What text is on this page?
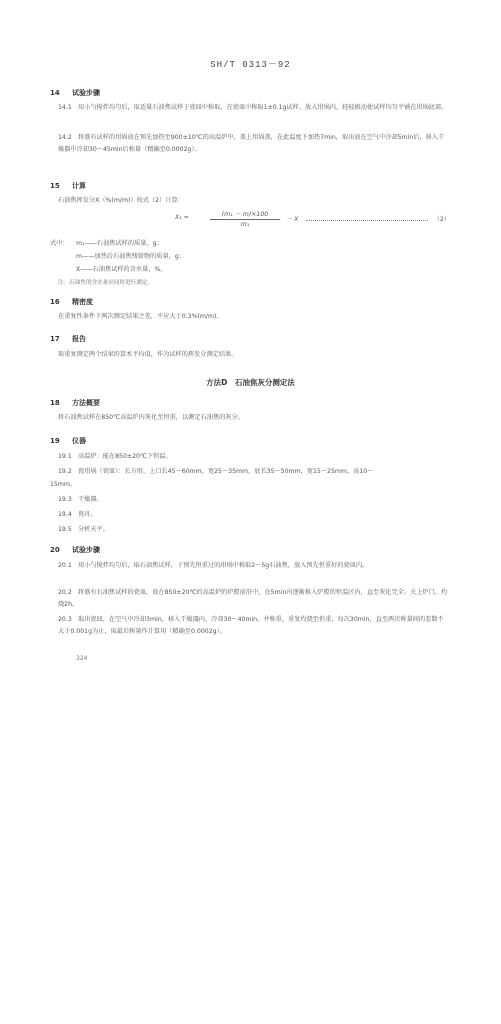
SH/T 0313－92
14 试验步骤
14.1　用小勺搅拌均匀后，取适量石油焦试样于瓷皿中称取，在瓷皿中称取1±0.1g试样，放入坩埚内，轻轻振动使试样均匀平铺在坩埚底部。
14.2　将盛有试样的坩埚放在预先加热至900±10℃的高温炉中，盖上坩埚盖，在此温度下加热7min，取出放在空气中冷却5min后，移入干燥器中冷却30～45min后称量（精确至0.0002g）。
15 计算
石油焦挥发分X（%(m/m)）按式（2）计算：
X₁ =	(m₁ － m)×100
m₁
－ X	（2）
式中： m₁——石油焦试样的质量，g；
m——加热后石油焦残留物的质量，g；
X——石油焦试样的含水量，%。
注：石油焦的含水量应同时进行测定。
16 精密度
在重复性条件下两次测定结果之差，不应大于0.3%(m/m)。
17 报告
取重复测定两个结果的算术平均值，作为试样的挥发分测定结果。
方法D　石油焦灰分测定法
18 方法概要
将石油焦试样在850℃高温炉内灰化至恒重，以测定石油焦的灰分。
19 仪器
19.1 高温炉：能在850±20℃下恒温。
19.2 瓷坩埚（瓷皿）：长方形，上口长45～60mm，宽25～35mm，底长35～50mm，宽15～25mm，高10～
15mm。
19.3 干燥器。
19.4 瓷舟。
19.5 分析天平。
20 试验步骤
20.1　用小勺搅拌均匀后，取石油焦试样，于预先恒重过的坩埚中称取2～5g石油焦，放入预先恒重好的瓷皿内。
20.2　将盛有石油焦试样的瓷皿，放在850±20℃的高温炉的炉膛前沿中，在5min内逐渐推入炉膛的恒温区内，直至灰化完全。关上炉门，灼烧2h。
20.3　取出瓷皿，在空气中冷却3min，移入干燥器内，冷却30～40min，并称重，重复灼烧至恒重，每次30min，直至两次称量间的差数不大于0.001g为止，取最后称量作计算用（精确至0.0002g）。
324
